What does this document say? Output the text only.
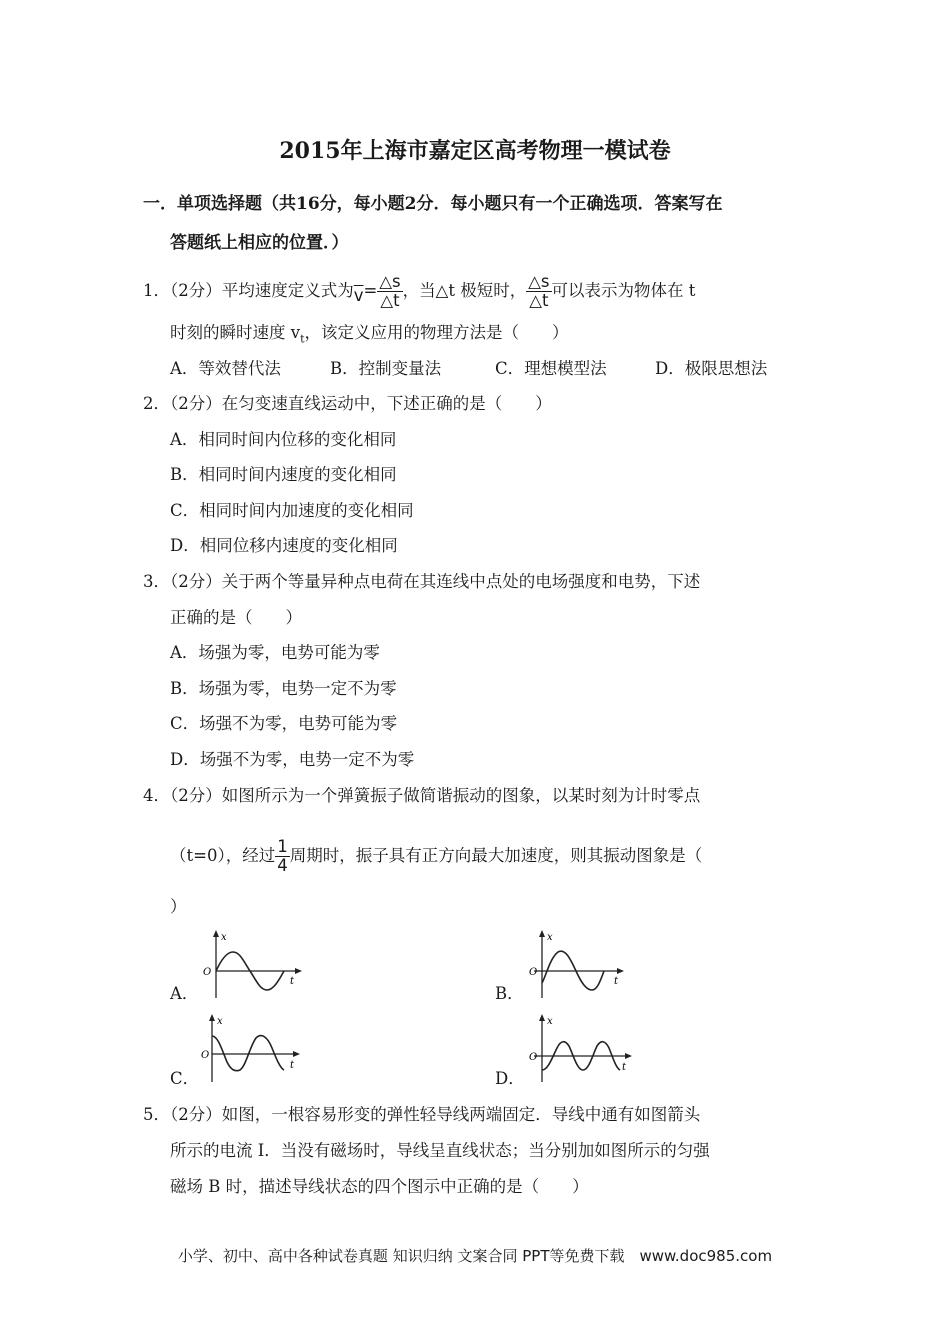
2015年上海市嘉定区高考物理一模试卷
一．单项选择题（共16分，每小题2分．每小题只有一个正确选项．答案写在
答题纸上相应的位置．）
1．（2分）平均速度定义式为$\overline{v}= \frac{\triangle s}{\triangle t}$ ，当△t 极短时， $\frac{\triangle s}{\triangle t}$ 可以表示为物体在 t
时刻的瞬时速度 $v_t$，该定义应用的物理方法是（　　）
A．等效替代法	B．控制变量法	C．理想模型法	D．极限思想法
2．（2分）在匀变速直线运动中，下述正确的是（　　）
A．相同时间内位移的变化相同
B．相同时间内速度的变化相同
C．相同时间内加速度的变化相同
D．相同位移内速度的变化相同
3．（2分）关于两个等量异种点电荷在其连线中点处的电场强度和电势，下述
正确的是（　　）
A．场强为零，电势可能为零
B．场强为零，电势一定不为零
C．场强不为零，电势可能为零
D．场强不为零，电势一定不为零
4．（2分）如图所示为一个弹簧振子做简谐振动的图象，以某时刻为计时零点
（t=0），经过 $\frac{1}{4}$ 周期时，振子具有正方向最大加速度，则其振动图象是（
）
A．	B．
C．	D．
x
O
t
x
O
t
x
O
t
x
O
t
5．（2分）如图，一根容易形变的弹性轻导线两端固定．导线中通有如图箭头
所示的电流 I．当没有磁场时，导线呈直线状态；当分别加如图所示的匀强
磁场 B 时，描述导线状态的四个图示中正确的是（　　）
小学、初中、高中各种试卷真题 知识归纳 文案合同 PPT等免费下载　www.doc985.com
